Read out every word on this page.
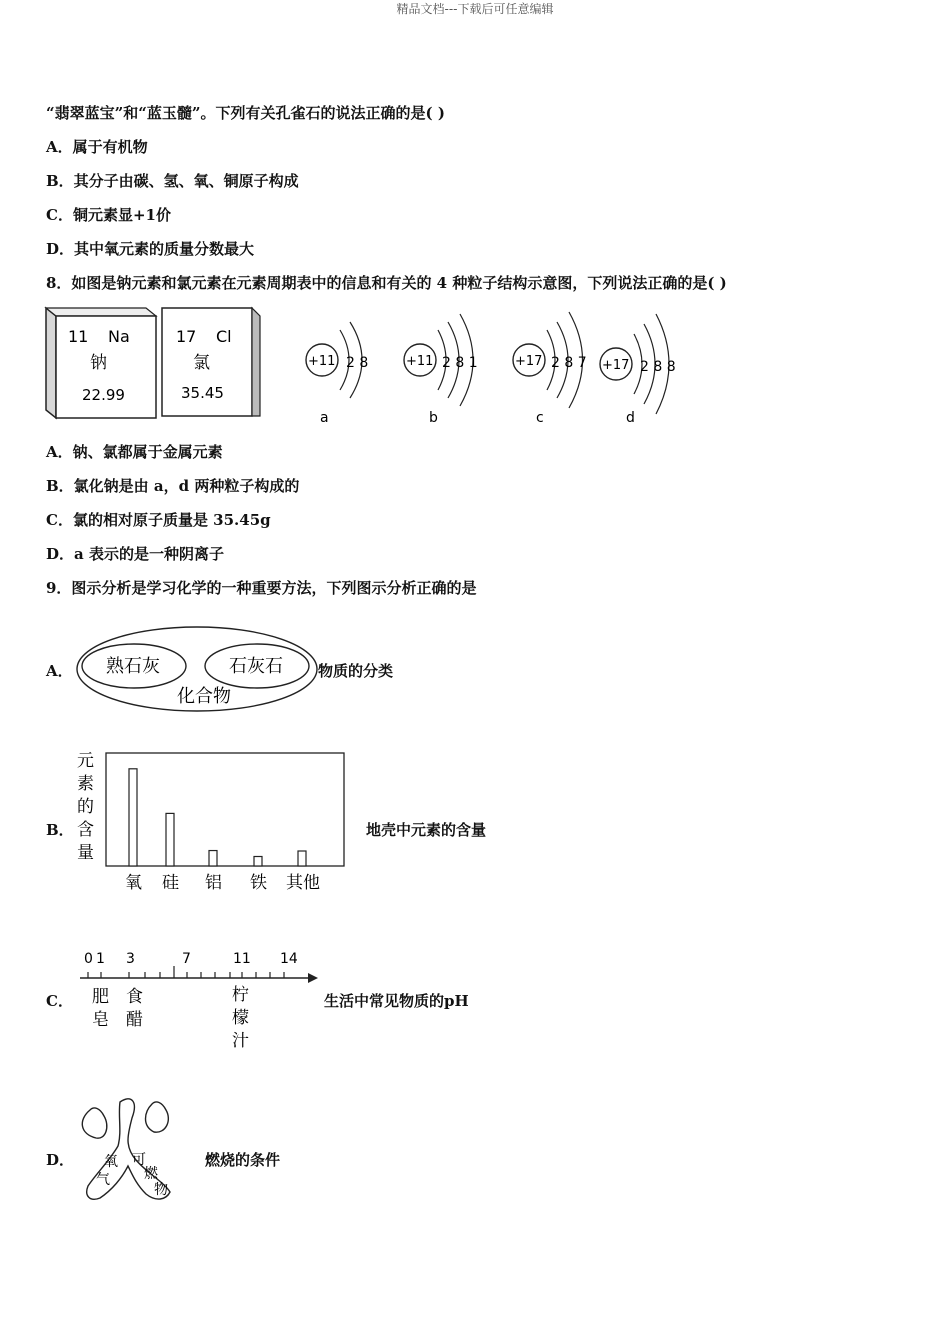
精品文档---下载后可任意编辑
“翡翠蓝宝”和“蓝玉髓”。下列有关孔雀石的说法正确的是( )
A．属于有机物
B．其分子由碳、氢、氧、铜原子构成
C．铜元素显+1价
D．其中氧元素的质量分数最大
8．如图是钠元素和氯元素在元素周期表中的信息和有关的 4 种粒子结构示意图，下列说法正确的是( )
11 Na
钠
22.99
17 Cl
氯
35.45
+11 2 8
a
+11 2 8 1
b
+17 2 8 7
c
+17 2 8 8
d
A．钠、氯都属于金属元素
B．氯化钠是由 a，d 两种粒子构成的
C．氯的相对原子质量是 35.45g
D．a 表示的是一种阴离子
9．图示分析是学习化学的一种重要方法，下列图示分析正确的是
A． 熟石灰	石灰石
化合物
物质的分类
B．
元
素
的
含
量
氧 硅 铝 铁 其他
地壳中元素的含量
C．
0 1 3	7	11 14
肥
皂
食
醋
柠
檬
汁
生活中常见物质的pH
D． 氧
气
可
燃
物
燃烧的条件
